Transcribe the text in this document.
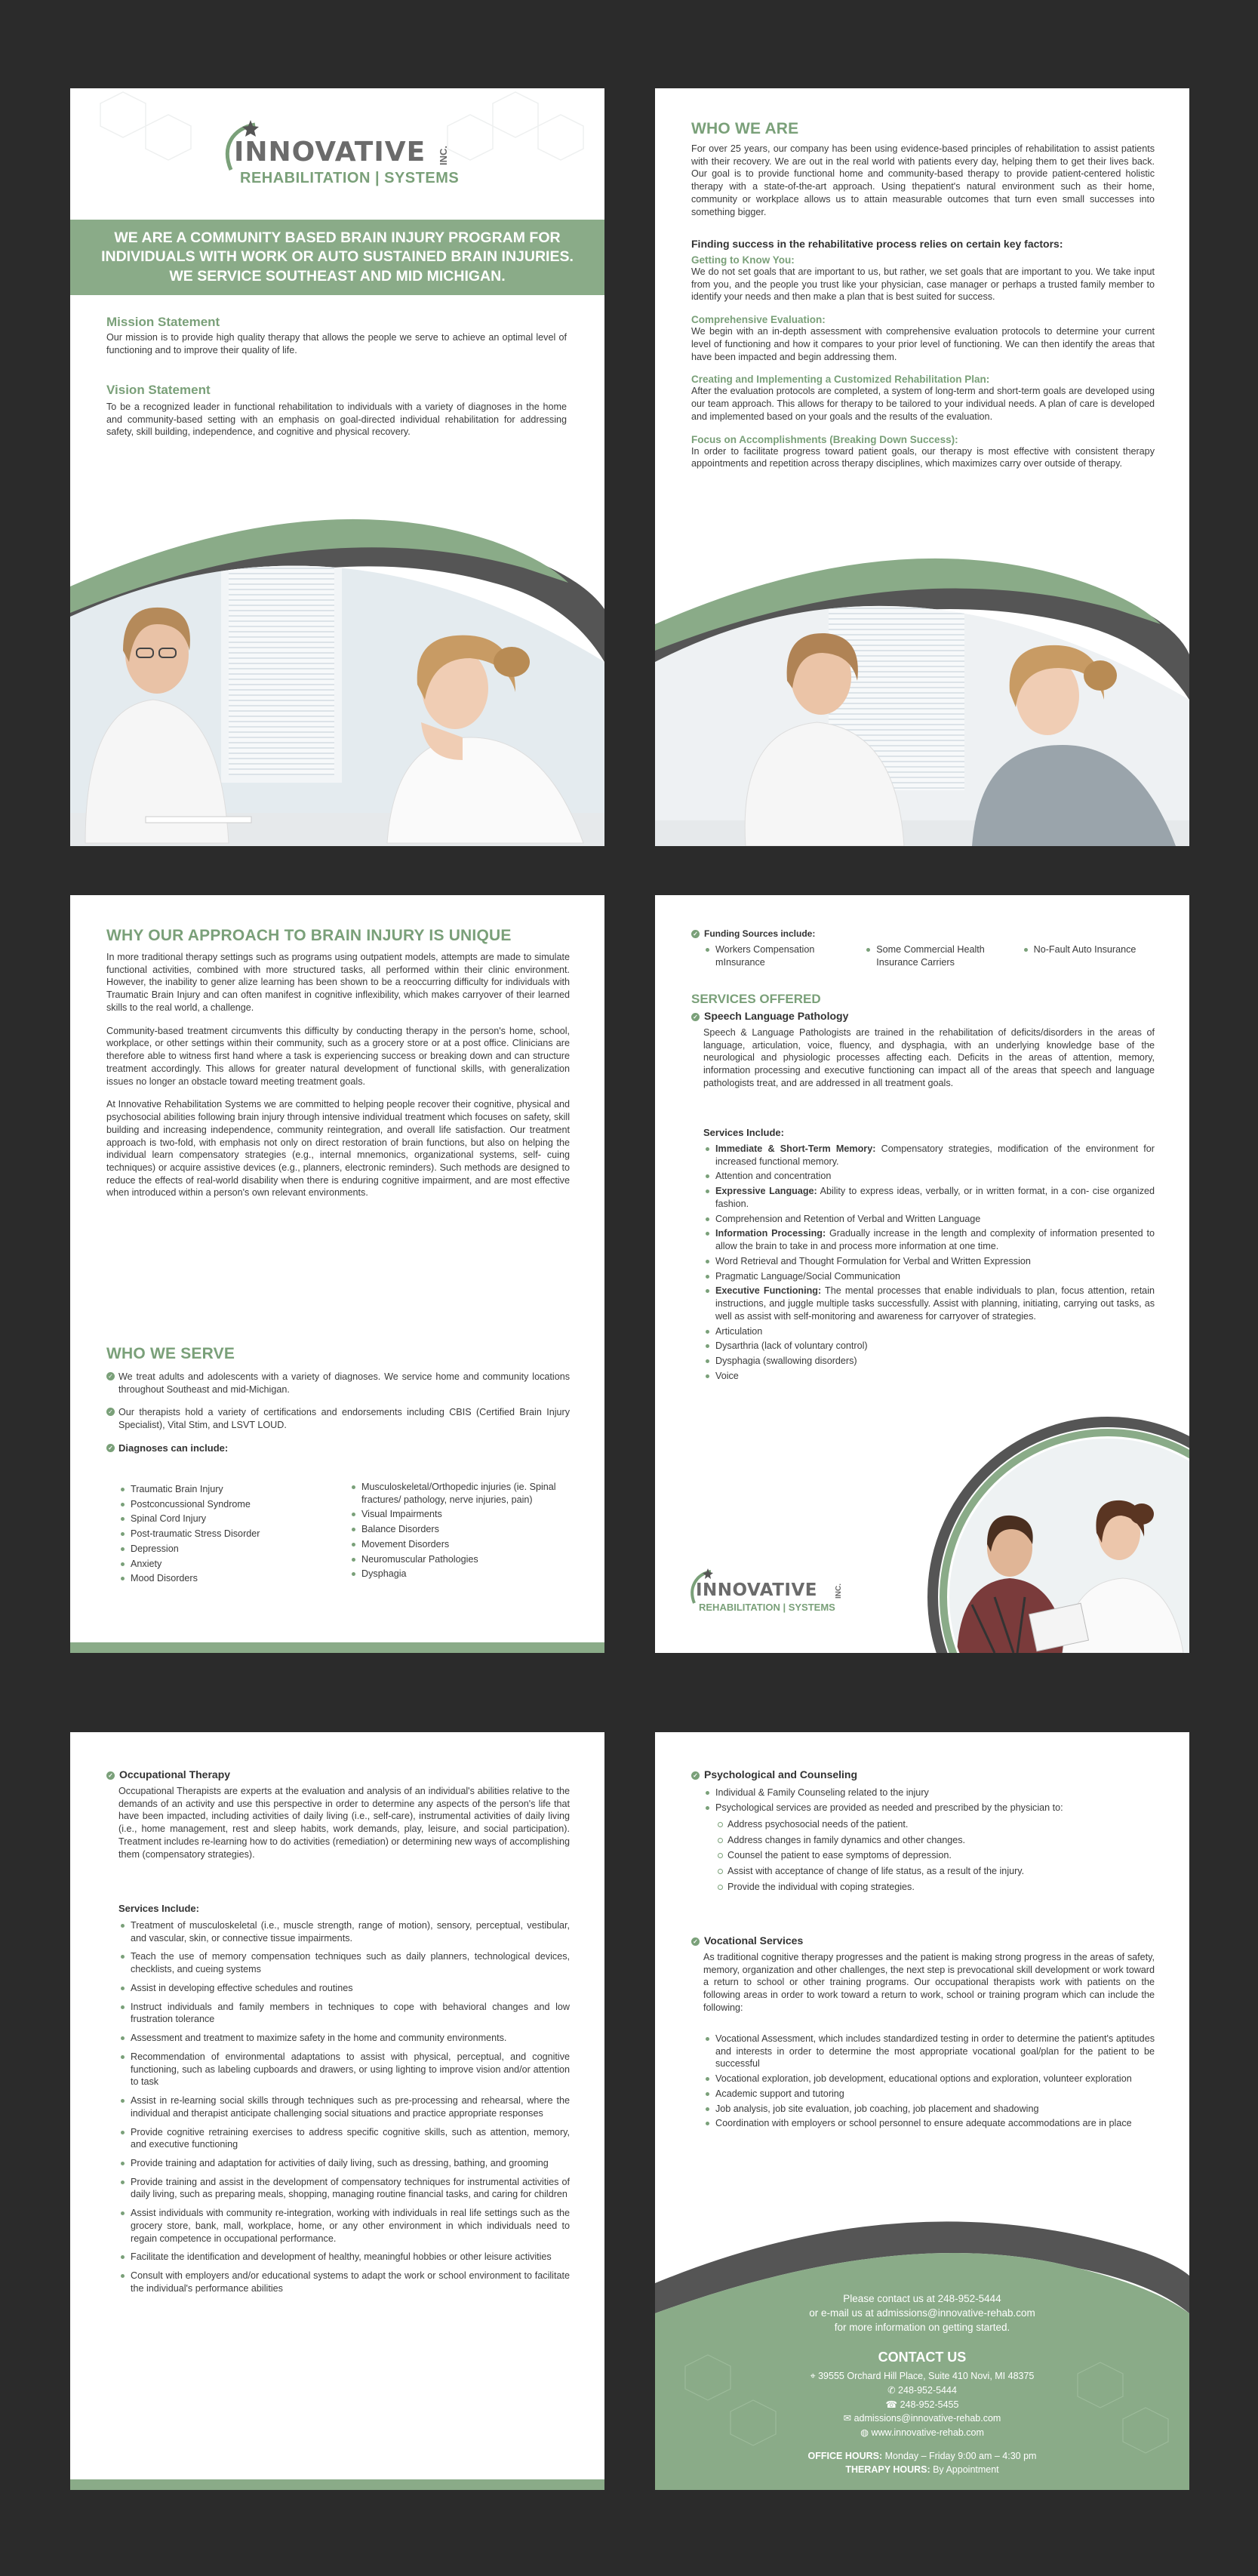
INNOVATIVE
REHABILITATION | SYSTEMS
INC.
WE ARE A COMMUNITY BASED BRAIN INJURY PROGRAM FOR INDIVIDUALS WITH WORK OR AUTO SUSTAINED BRAIN INJURIES. WE SERVICE SOUTHEAST AND MID MICHIGAN.
Mission Statement
Our mission is to provide high quality therapy that allows the people we serve to achieve an optimal level of functioning and to improve their quality of life.
Vision Statement
To be a recognized leader in functional rehabilitation to individuals with a variety of diagnoses in the home and community-based setting with an emphasis on goal-directed individual rehabilitation for addressing safety, skill building, independence, and cognitive and physical recovery.
WHO WE ARE
For over 25 years, our company has been using evidence-based principles of rehabilitation to assist patients with their recovery. We are out in the real world with patients every day, helping them to get their lives back. Our goal is to provide functional home and community-based therapy to provide patient-centered holistic therapy with a state-of-the-art approach. Using thepatient's natural environment such as their home, community or workplace allows us to attain measurable outcomes that turn even small successes into something bigger.
Finding success in the rehabilitative process relies on certain key factors:
Getting to Know You:
We do not set goals that are important to us, but rather, we set goals that are important to you. We take input from you, and the people you trust like your physician, case manager or perhaps a trusted family member to identify your needs and then make a plan that is best suited for success.
Comprehensive Evaluation:
We begin with an in-depth assessment with comprehensive evaluation protocols to determine your current level of functioning and how it compares to your prior level of functioning. We can then identify the areas that have been impacted and begin addressing them.
Creating and Implementing a Customized Rehabilitation Plan:
After the evaluation protocols are completed, a system of long-term and short-term goals are developed using our team approach. This allows for therapy to be tailored to your individual needs. A plan of care is developed and implemented based on your goals and the results of the evaluation.
Focus on Accomplishments (Breaking Down Success):
In order to facilitate progress toward patient goals, our therapy is most effective with consistent therapy appointments and repetition across therapy disciplines, which maximizes carry over outside of therapy.
WHY OUR APPROACH TO BRAIN INJURY IS UNIQUE
In more traditional therapy settings such as programs using outpatient models, attempts are made to simulate functional activities, combined with more structured tasks, all performed within their clinic environment. However, the inability to gener alize learning has been shown to be a reoccurring difficulty for individuals with Traumatic Brain Injury and can often manifest in cognitive inflexibility, which makes carryover of their learned skills to the real world, a challenge.
Community-based treatment circumvents this difficulty by conducting therapy in the person's home, school, workplace, or other settings within their community, such as a grocery store or at a post office. Clinicians are therefore able to witness first hand where a task is experiencing success or breaking down and can structure treatment accordingly. This allows for greater natural development of functional skills, with generalization issues no longer an obstacle toward meeting treatment goals.
At Innovative Rehabilitation Systems we are committed to helping people recover their cognitive, physical and psychosocial abilities following brain injury through intensive individual treatment which focuses on safety, skill building and increasing independence, community reintegration, and overall life satisfaction. Our treatment approach is two-fold, with emphasis not only on direct restoration of brain functions, but also on helping the individual learn compensatory strategies (e.g., internal mnemonics, organizational systems, self- cuing techniques) or acquire assistive devices (e.g., planners, electronic reminders). Such methods are designed to reduce the effects of real-world disability when there is enduring cognitive impairment, and are most effective when introduced within a person's own relevant environments.
WHO WE SERVE
✓ We treat adults and adolescents with a variety of diagnoses. We service home and community locations throughout Southeast and mid-Michigan.
✓ Our therapists hold a variety of certifications and endorsements including CBIS (Certified Brain Injury Specialist), Vital Stim, and LSVT LOUD.
✓ Diagnoses can include:
Traumatic Brain Injury
Postconcussional Syndrome
Spinal Cord Injury
Post-traumatic Stress Disorder
Depression
Anxiety
Mood Disorders
Musculoskeletal/Orthopedic injuries (ie. Spinal fractures/ pathology, nerve injuries, pain)
Visual Impairments
Balance Disorders
Movement Disorders
Neuromuscular Pathologies
Dysphagia
✓ Funding Sources include:
Workers Compensation mInsurance
Some Commercial Health Insurance Carriers
No-Fault Auto Insurance
SERVICES OFFERED
✓ Speech Language Pathology
Speech & Language Pathologists are trained in the rehabilitation of deficits/disorders in the areas of language, articulation, voice, fluency, and dysphagia, with an underlying knowledge base of the neurological and physiologic processes affecting each. Deficits in the areas of attention, memory, information processing and executive functioning can impact all of the areas that speech and language pathologists treat, and are addressed in all treatment goals.
Services Include:
Immediate & Short-Term Memory: Compensatory strategies, modification of the environment for increased functional memory.
Attention and concentration
Expressive Language: Ability to express ideas, verbally, or in written format, in a con- cise organized fashion.
Comprehension and Retention of Verbal and Written Language
Information Processing: Gradually increase in the length and complexity of information presented to allow the brain to take in and process more information at one time.
Word Retrieval and Thought Formulation for Verbal and Written Expression
Pragmatic Language/Social Communication
Executive Functioning: The mental processes that enable individuals to plan, focus attention, retain instructions, and juggle multiple tasks successfully. Assist with planning, initiating, carrying out tasks, as well as assist with self-monitoring and awareness for carryover of strategies.
Articulation
Dysarthria (lack of voluntary control)
Dysphagia (swallowing disorders)
Voice
INNOVATIVE
REHABILITATION | SYSTEMS
INC.
✓ Occupational Therapy
Occupational Therapists are experts at the evaluation and analysis of an individual's abilities relative to the demands of an activity and use this perspective in order to determine any aspects of the person's life that have been impacted, including activities of daily living (i.e., self-care), instrumental activities of daily living (i.e., home management, rest and sleep habits, work demands, play, leisure, and social participation). Treatment includes re-learning how to do activities (remediation) or determining new ways of accomplishing them (compensatory strategies).
Services Include:
Treatment of musculoskeletal (i.e., muscle strength, range of motion), sensory, perceptual, vestibular, and vascular, skin, or connective tissue impairments.
Teach the use of memory compensation techniques such as daily planners, technological devices, checklists, and cueing systems
Assist in developing effective schedules and routines
Instruct individuals and family members in techniques to cope with behavioral changes and low frustration tolerance
Assessment and treatment to maximize safety in the home and community environments.
Recommendation of environmental adaptations to assist with physical, perceptual, and cognitive functioning, such as labeling cupboards and drawers, or using lighting to improve vision and/or attention to task
Assist in re-learning social skills through techniques such as pre-processing and rehearsal, where the individual and therapist anticipate challenging social situations and practice appropriate responses
Provide cognitive retraining exercises to address specific cognitive skills, such as attention, memory, and executive functioning
Provide training and adaptation for activities of daily living, such as dressing, bathing, and grooming
Provide training and assist in the development of compensatory techniques for instrumental activities of daily living, such as preparing meals, shopping, managing routine financial tasks, and caring for children
Assist individuals with community re-integration, working with individuals in real life settings such as the grocery store, bank, mall, workplace, home, or any other environment in which individuals need to regain competence in occupational performance.
Facilitate the identification and development of healthy, meaningful hobbies or other leisure activities
Consult with employers and/or educational systems to adapt the work or school environment to facilitate the individual's performance abilities
✓ Psychological and Counseling
Individual & Family Counseling related to the injury
Psychological services are provided as needed and prescribed by the physician to:
Address psychosocial needs of the patient.
Address changes in family dynamics and other changes.
Counsel the patient to ease symptoms of depression.
Assist with acceptance of change of life status, as a result of the injury.
Provide the individual with coping strategies.
✓ Vocational Services
As traditional cognitive therapy progresses and the patient is making strong progress in the areas of safety, memory, organization and other challenges, the next step is prevocational skill development or work toward a return to school or other training programs. Our occupational therapists work with patients on the following areas in order to work toward a return to work, school or training program which can include the following:
Vocational Assessment, which includes standardized testing in order to determine the patient's aptitudes and interests in order to determine the most appropriate vocational goal/plan for the patient to be successful
Vocational exploration, job development, educational options and exploration, volunteer exploration
Academic support and tutoring
Job analysis, job site evaluation, job coaching, job placement and shadowing
Coordination with employers or school personnel to ensure adequate accommodations are in place
Please contact us at 248-952-5444
or e-mail us at admissions@innovative-rehab.com
for more information on getting started.
CONTACT US
⌖ 39555 Orchard Hill Place, Suite 410 Novi, MI 48375
✆ 248-952-5444
☎ 248-952-5455
✉ admissions@innovative-rehab.com
◍ www.innovative-rehab.com
OFFICE HOURS: Monday – Friday 9:00 am – 4:30 pm
THERAPY HOURS: By Appointment
